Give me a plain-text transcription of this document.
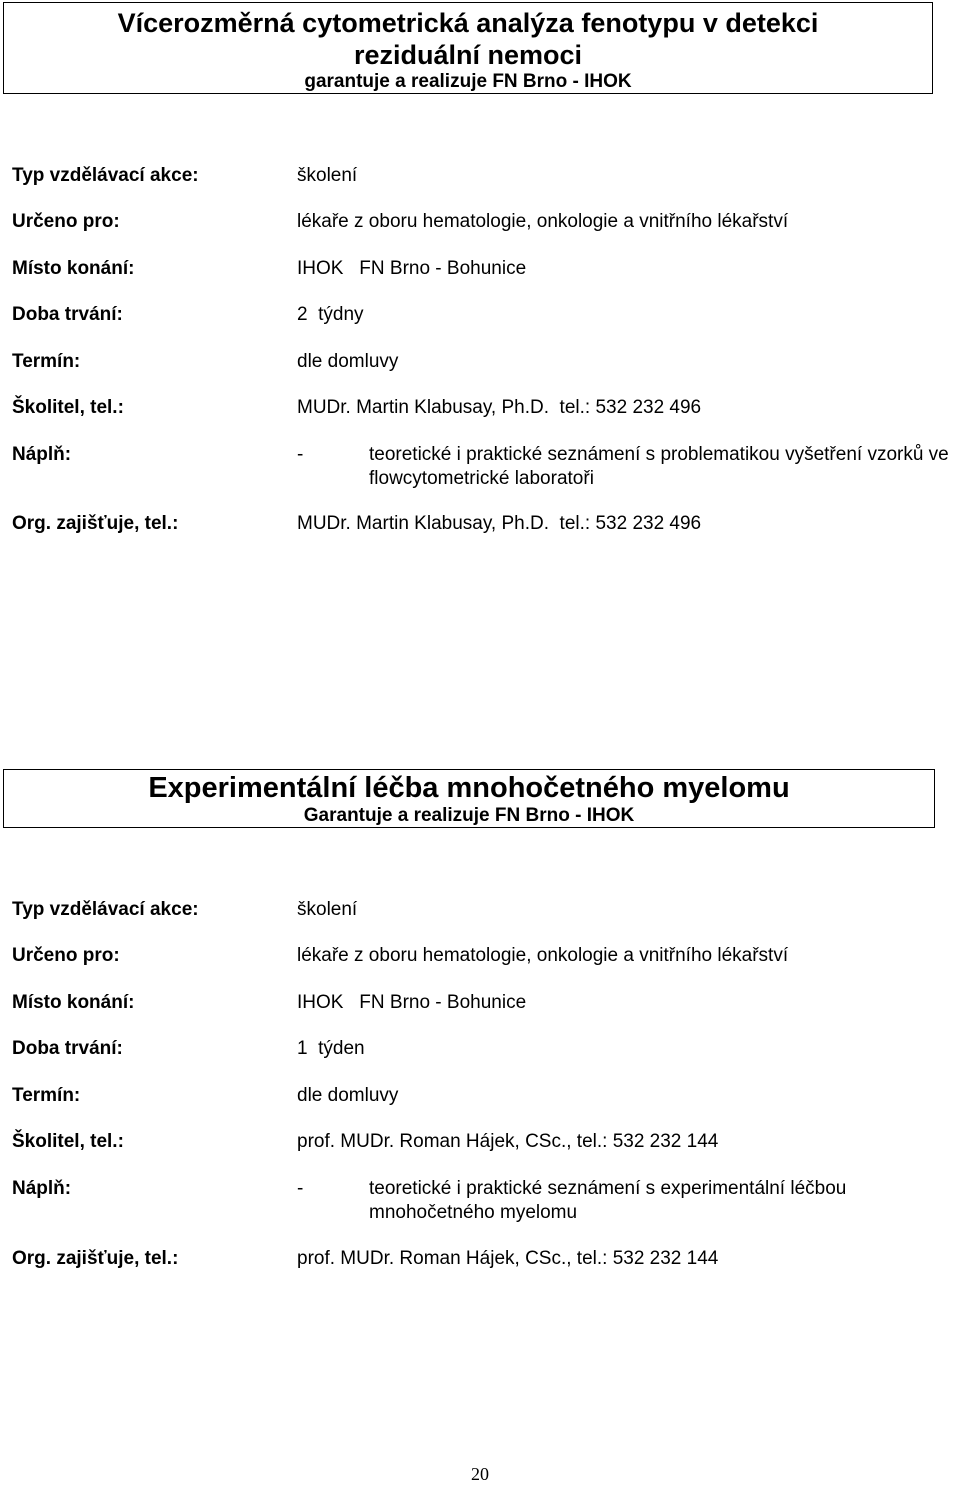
Vícerozměrná cytometrická analýza fenotypu v detekci reziduální nemoci
garantuje a realizuje FN Brno - IHOK
Typ vzdělávací akce:	školení
Určeno pro:	lékaře z oboru hematologie, onkologie a vnitřního lékařství
Místo konání:	IHOK   FN Brno - Bohunice
Doba trvání:	2  týdny
Termín:	dle domluvy
Školitel, tel.:	MUDr. Martin Klabusay, Ph.D.  tel.: 532 232 496
Náplň:	-	teoretické i praktické seznámení s problematikou vyšetření vzorků ve flowcytometrické laboratoři
Org. zajišťuje, tel.:	MUDr. Martin Klabusay, Ph.D.  tel.: 532 232 496
Experimentální léčba mnohočetného myelomu
Garantuje a realizuje FN Brno - IHOK
Typ vzdělávací akce:	školení
Určeno pro:	lékaře z oboru hematologie, onkologie a vnitřního lékařství
Místo konání:	IHOK   FN Brno - Bohunice
Doba trvání:	1  týden
Termín:	dle domluvy
Školitel, tel.:	prof. MUDr. Roman Hájek, CSc., tel.: 532 232 144
Náplň:	-	teoretické i praktické seznámení s experimentální léčbou mnohočetného myelomu
Org. zajišťuje, tel.:	prof. MUDr. Roman Hájek, CSc., tel.: 532 232 144
20
